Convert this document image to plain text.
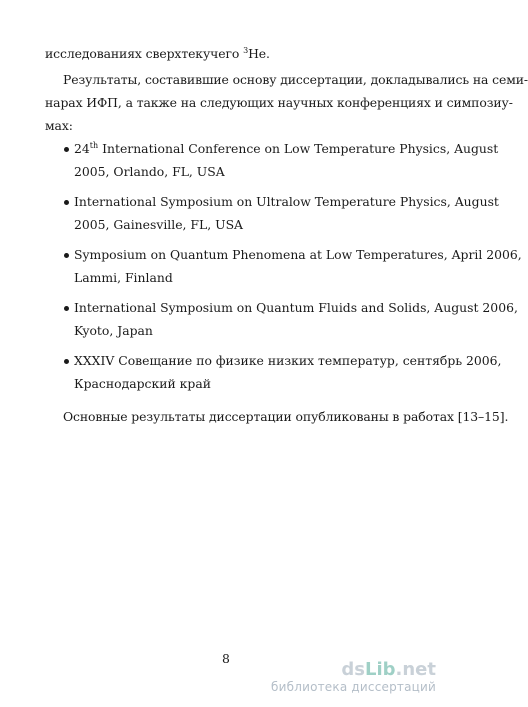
исследованиях сверхтекучего $^3$He.
Результаты, составившие основу диссертации, докладывались на семи-
нарах ИФП, а также на следующих научных конференциях и симпозиу-
мах:
24th International Conference on Low Temperature Physics, August
2005, Orlando, FL, USA
International Symposium on Ultralow Temperature Physics, August
2005, Gainesville, FL, USA
Symposium on Quantum Phenomena at Low Temperatures, April 2006,
Lammi, Finland
International Symposium on Quantum Fluids and Solids, August 2006,
Kyoto, Japan
XXXIV Совещание по физике низких температур, сентябрь 2006,
Краснодарский край
Основные результаты диссертации опубликованы в работах [13–15].
8
dsLib.net
библиотека диссертаций
